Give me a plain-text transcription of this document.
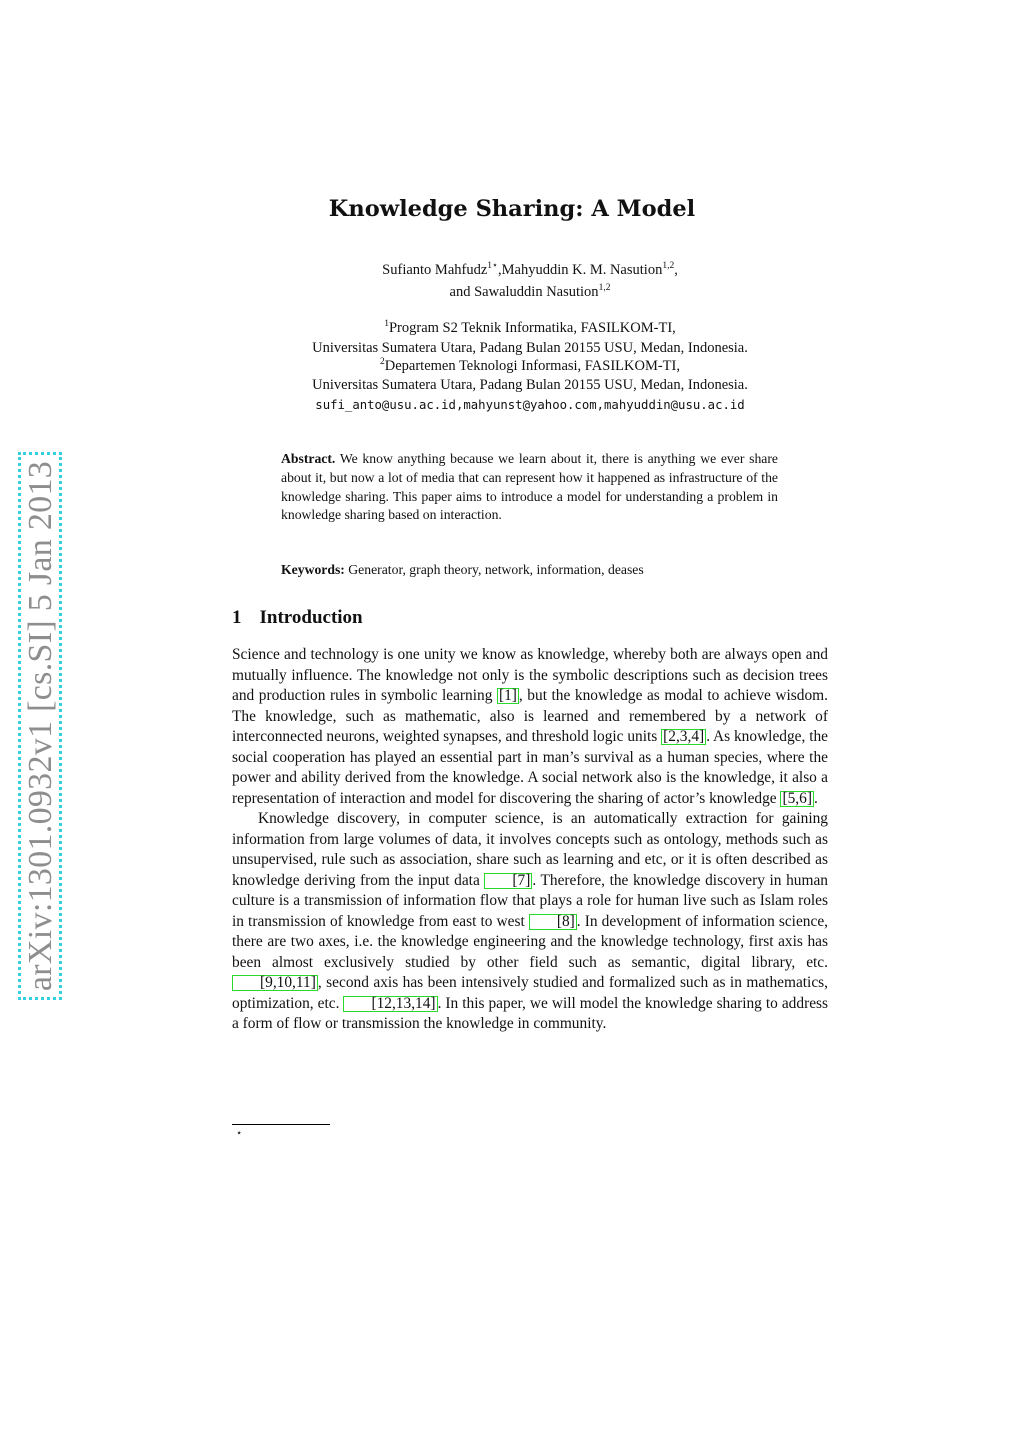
arXiv:1301.0932v1 [cs.SI] 5 Jan 2013
Knowledge Sharing: A Model
Sufianto Mahfudz$^{1⋆}$,Mahyuddin K. M. Nasution$^{1,2}$,
and Sawaluddin Nasution$^{1,2}$
$^1$Program S2 Teknik Informatika, FASILKOM-TI,
Universitas Sumatera Utara, Padang Bulan 20155 USU, Medan, Indonesia.
$^2$Departemen Teknologi Informasi, FASILKOM-TI,
Universitas Sumatera Utara, Padang Bulan 20155 USU, Medan, Indonesia.
sufi_anto@usu.ac.id,mahyunst@yahoo.com,mahyuddin@usu.ac.id
Abstract. We know anything because we learn about it, there is anything we ever share about it, but now a lot of media that can represent how it happened as infrastructure of the knowledge sharing. This paper aims to introduce a model for understanding a problem in knowledge sharing based on interaction.
Keywords: Generator, graph theory, network, information, deases
1 Introduction

Science and technology is one unity we know as knowledge, whereby both are always open and mutually influence. The knowledge not only is the symbolic descriptions such as decision trees and production rules in symbolic learning [1] , but the knowledge as modal to achieve wisdom. The knowledge, such as mathematic, also is learned and remembered by a network of interconnected neurons, weighted synapses, and threshold logic units [2,3,4] . As knowledge, the social cooperation has played an essential part in man’s survival as a human species, where the power and ability derived from the knowledge. A social network also is the knowledge, it also a representation of interaction and model for discovering the sharing of actor’s knowledge [5,6] .

Knowledge discovery, in computer science, is an automatically extraction for gaining information from large volumes of data, it involves concepts such as ontology, methods such as unsupervised, rule such as association, share such as learning and etc, or it is often described as knowledge deriving from the input data [7] . Therefore, the knowledge discovery in human culture is a transmission of information flow that plays a role for human live such as Islam roles in transmission of knowledge from east to west [8] . In development of information science, there are two axes, i.e. the knowledge engineering and the knowledge technology, first axis has been almost exclusively studied by other field such as semantic, digital library, etc. [9,10,11] , second axis has been intensively studied and formalized such as in mathematics, optimization, etc. [12,13,14] . In this paper, we will model the knowledge sharing to address a form of flow or transmission the knowledge in community.

⋆
